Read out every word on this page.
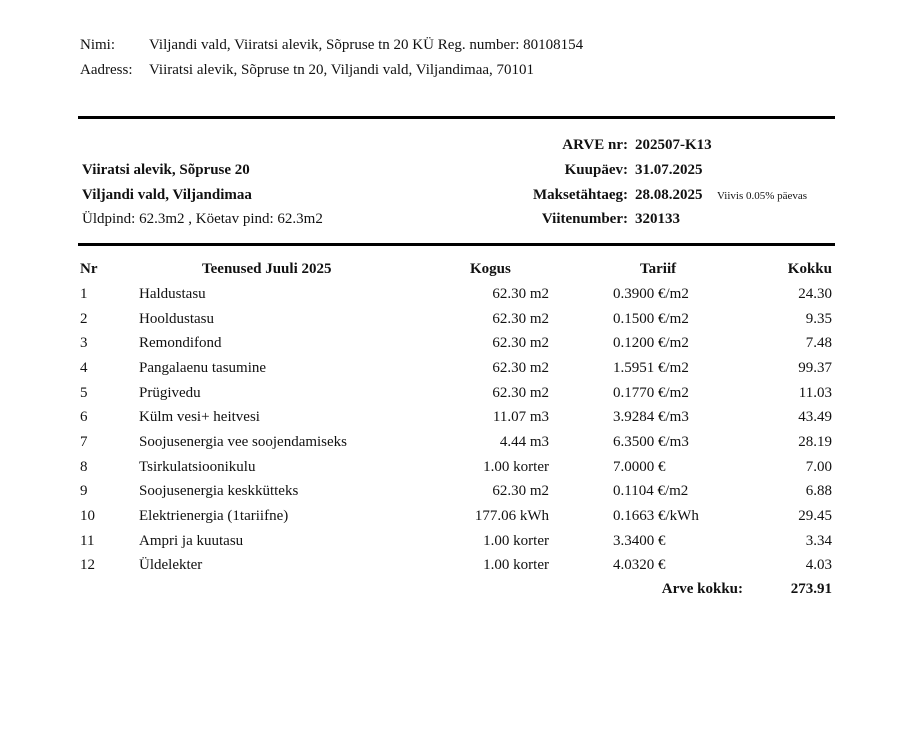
Nimi: Viljandi vald, Viiratsi alevik, Sõpruse tn 20 KÜ Reg. number: 80108154
Aadress: Viiratsi alevik, Sõpruse tn 20, Viljandi vald, Viljandimaa, 70101
ARVE nr: 202507-K13
Kuupäev: 31.07.2025
Maksetähtaeg: 28.08.2025 Viivis 0.05% päevas
Viitenumber: 320133
Viiratsi alevik, Sõpruse 20
Viljandi vald, Viljandimaa
Üldpind: 62.3m2 , Köetav pind: 62.3m2
Nr	Teenused Juuli 2025	Kogus	Tariif	Kokku
1	Haldustasu	62.30 m2	0.3900 €/m2	24.30
2	Hooldustasu	62.30 m2	0.1500 €/m2	9.35
3	Remondifond	62.30 m2	0.1200 €/m2	7.48
4	Pangalaenu tasumine	62.30 m2	1.5951 €/m2	99.37
5	Prügivedu	62.30 m2	0.1770 €/m2	11.03
6	Külm vesi+ heitvesi	11.07 m3	3.9284 €/m3	43.49
7	Soojusenergia vee soojendamiseks	4.44 m3	6.3500 €/m3	28.19
8	Tsirkulatsioonikulu	1.00 korter	7.0000 €	7.00
9	Soojusenergia keskkütteks	62.30 m2	0.1104 €/m2	6.88
10	Elektrienergia (1tariifne)	177.06 kWh	0.1663 €/kWh	29.45
11	Ampri ja kuutasu	1.00 korter	3.3400 €	3.34
12	Üldelekter	1.00 korter	4.0320 €	4.03
Arve kokku:	273.91
